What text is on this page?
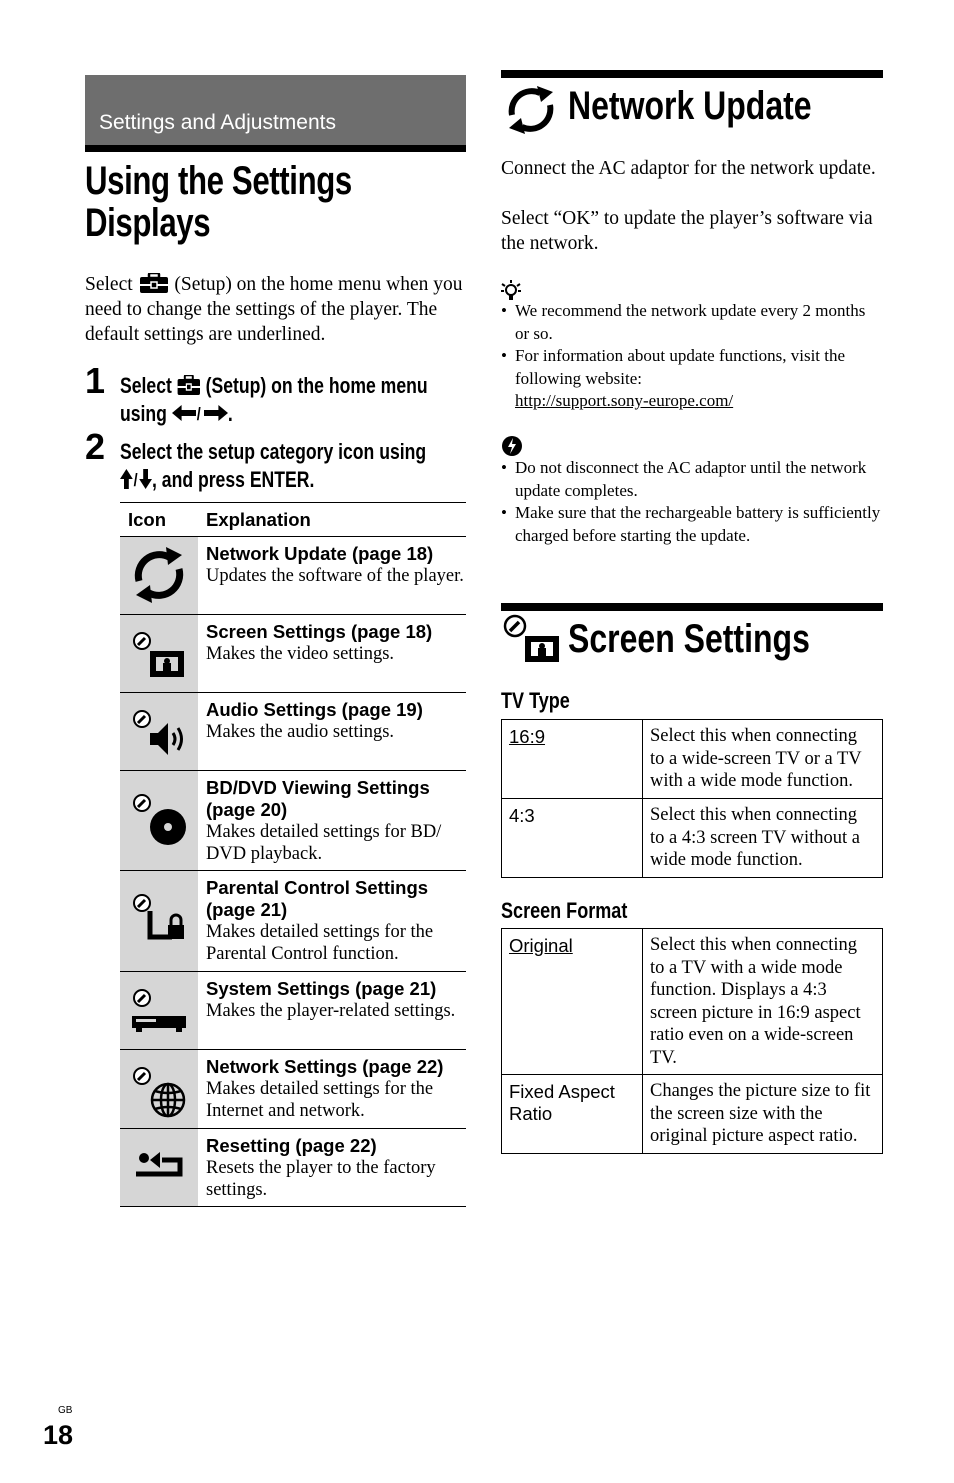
Settings and Adjustments
Using the Settings
Displays
Select (Setup) on the home menu when you need to change the settings of the player. The default settings are underlined.
1 Select (Setup) on the home menu
using / .
2 Select the setup category icon using
/ , and press ENTER.
Icon	Explanation

Network Update (page 18)
Updates the software of the player.

Screen Settings (page 18)
Makes the video settings.

Audio Settings (page 19)
Makes the audio settings.

BD/DVD Viewing Settings (page 20)
Makes detailed settings for BD/ DVD playback.

Parental Control Settings (page 21)
Makes detailed settings for the Parental Control function.

System Settings (page 21)
Makes the player-related settings.

Network Settings (page 22)
Makes detailed settings for the Internet and network.

Resetting (page 22)
Resets the player to the factory settings.
Network Update
Connect the AC adaptor for the network update.
Select “OK” to update the player’s software via the network.
• We recommend the network update every 2 months or so.
• For information about update functions, visit the following website:
http://support.sony-europe.com/
• Do not disconnect the AC adaptor until the network update completes.
• Make sure that the rechargeable battery is sufficiently charged before starting the update.
Screen Settings
TV Type
16:9	Select this when connecting to a wide-screen TV or a TV with a wide mode function.
4:3	Select this when connecting to a 4:3 screen TV without a wide mode function.
Screen Format
Original	Select this when connecting to a TV with a wide mode function. Displays a 4:3 screen picture in 16:9 aspect ratio even on a wide-screen TV.
Fixed Aspect Ratio	Changes the picture size to fit the screen size with the original picture aspect ratio.
GB
18
